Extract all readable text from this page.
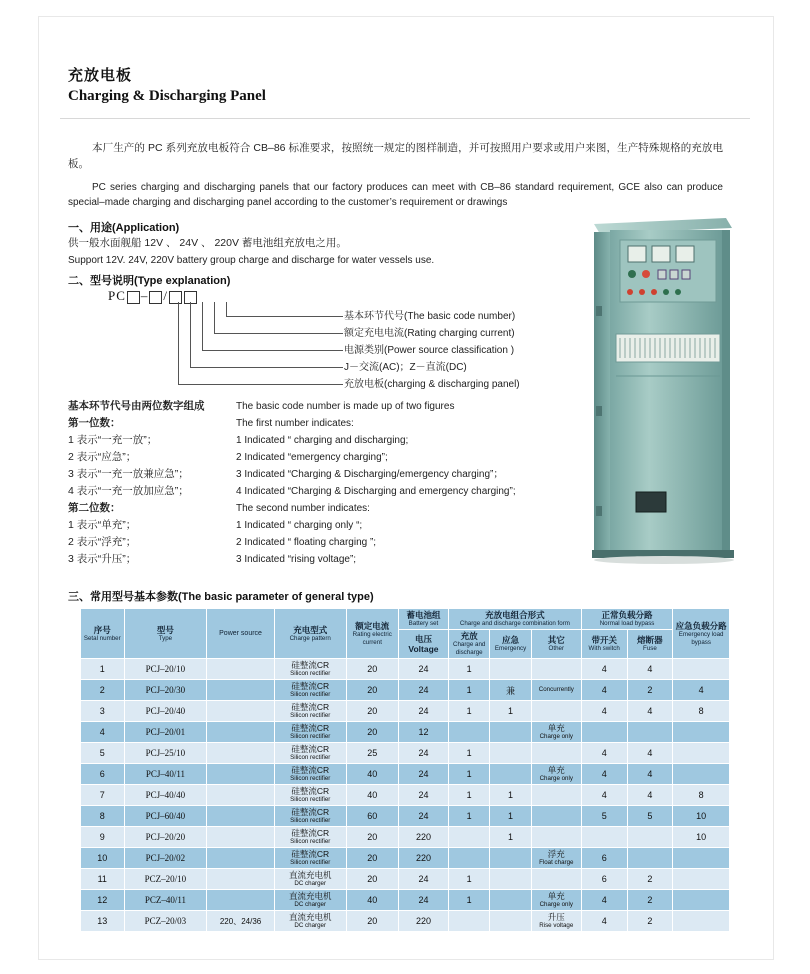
充放电板
Charging & Discharging Panel

本厂生产的 PC 系列充放电板符合 CB–86 标准要求，按照统一规定的图样制造，并可按照用户要求或用户来图，生产特殊规格的充放电板。

PC series charging and discharging panels that our factory produces can meet with CB–86 standard requirement, GCE also can produce special–made charging and discharging panel according to the customer’s requirement or drawings

一、用途(Application)
供一般水面舰船 12V 、 24V 、 220V 蓄电池组充放电之用。
Support 12V. 24V, 220V battery group charge and discharge for water vessels use.
二、型号说明(Type explanation)
PC – /
基本环节代号(The basic code number)
额定充电电流(Rating charging current)
电源类别(Power source classification )
J－交流(AC)；Z－直流(DC)
充放电板(charging & discharging panel)
基本环节代号由两位数字组成
第一位数：
1 表示“一充一放”；
2 表示“应急”；
3 表示“一充一放兼应急”；
4 表示“一充一放加应急”；
The basic code number is made up of two figures
The first number indicates:
1 Indicated “ charging and discharging;
2 Indicated “emergency charging”;
3 Indicated “Charging & Discharging/emergency charging”；
4 Indicated “Charging & Discharging and emergency charging”;
第二位数：
1 表示“单充”；
2 表示“浮充”；
3 表示“升压”；
The second number indicates:
1 Indicated “ charging only “;
2 Indicated “ floating charging ”;
3 Indicated “rising voltage”;
三、常用型号基本参数(The basic parameter of general type)
序号
Setal number	型号
Type	Power source	充电型式
Charge pattern	额定电流
Rating electric current	蓄电池组
Battery set	充放电组合形式
Charge and discharge combination form			正常负载分路
Normal load bypass		应急负载分路
Emergency load bypass

					电压 Voltage	充放
Charge and discharge	应急
Emergency	其它
Other	带开关
With switch	熔断器
Fuse	

1	PCJ–20/10		硅整流CR
Silicon rectifier	20	24	1			4	4	
2	PCJ–20/30		硅整流CR
Silicon rectifier	20	24	1	兼	Concurrently	4	2	4
3	PCJ–20/40		硅整流CR
Silicon rectifier	20	24	1	1		4	4	8
4	PCJ–20/01		硅整流CR
Silicon rectifier	20	12			单充
Charge only			

5	PCJ–25/10		硅整流CR
Silicon rectifier	25	24	1			4	4	
6	PCJ–40/11		硅整流CR
Silicon rectifier	40	24	1		单充
Charge only	4	4	
7	PCJ–40/40		硅整流CR
Silicon rectifier	40	24	1	1		4	4	8
8	PCJ–60/40		硅整流CR
Silicon rectifier	60	24	1	1		5	5	10
9	PCJ–20/20		硅整流CR
Silicon rectifier	20	220		1				10
10	PCJ–20/02		硅整流CR
Silicon rectifier	20	220			浮充
Float charge	6		
11	PCZ–20/10		直流充电机
DC charger	20	24	1			6	2	
12	PCZ–40/11		直流充电机
DC charger	40	24	1		单充
Charge only	4	2	
13	PCZ–20/03	220、24/36	直流充电机
DC charger	20	220			升压
Rise voltage	4	2	
